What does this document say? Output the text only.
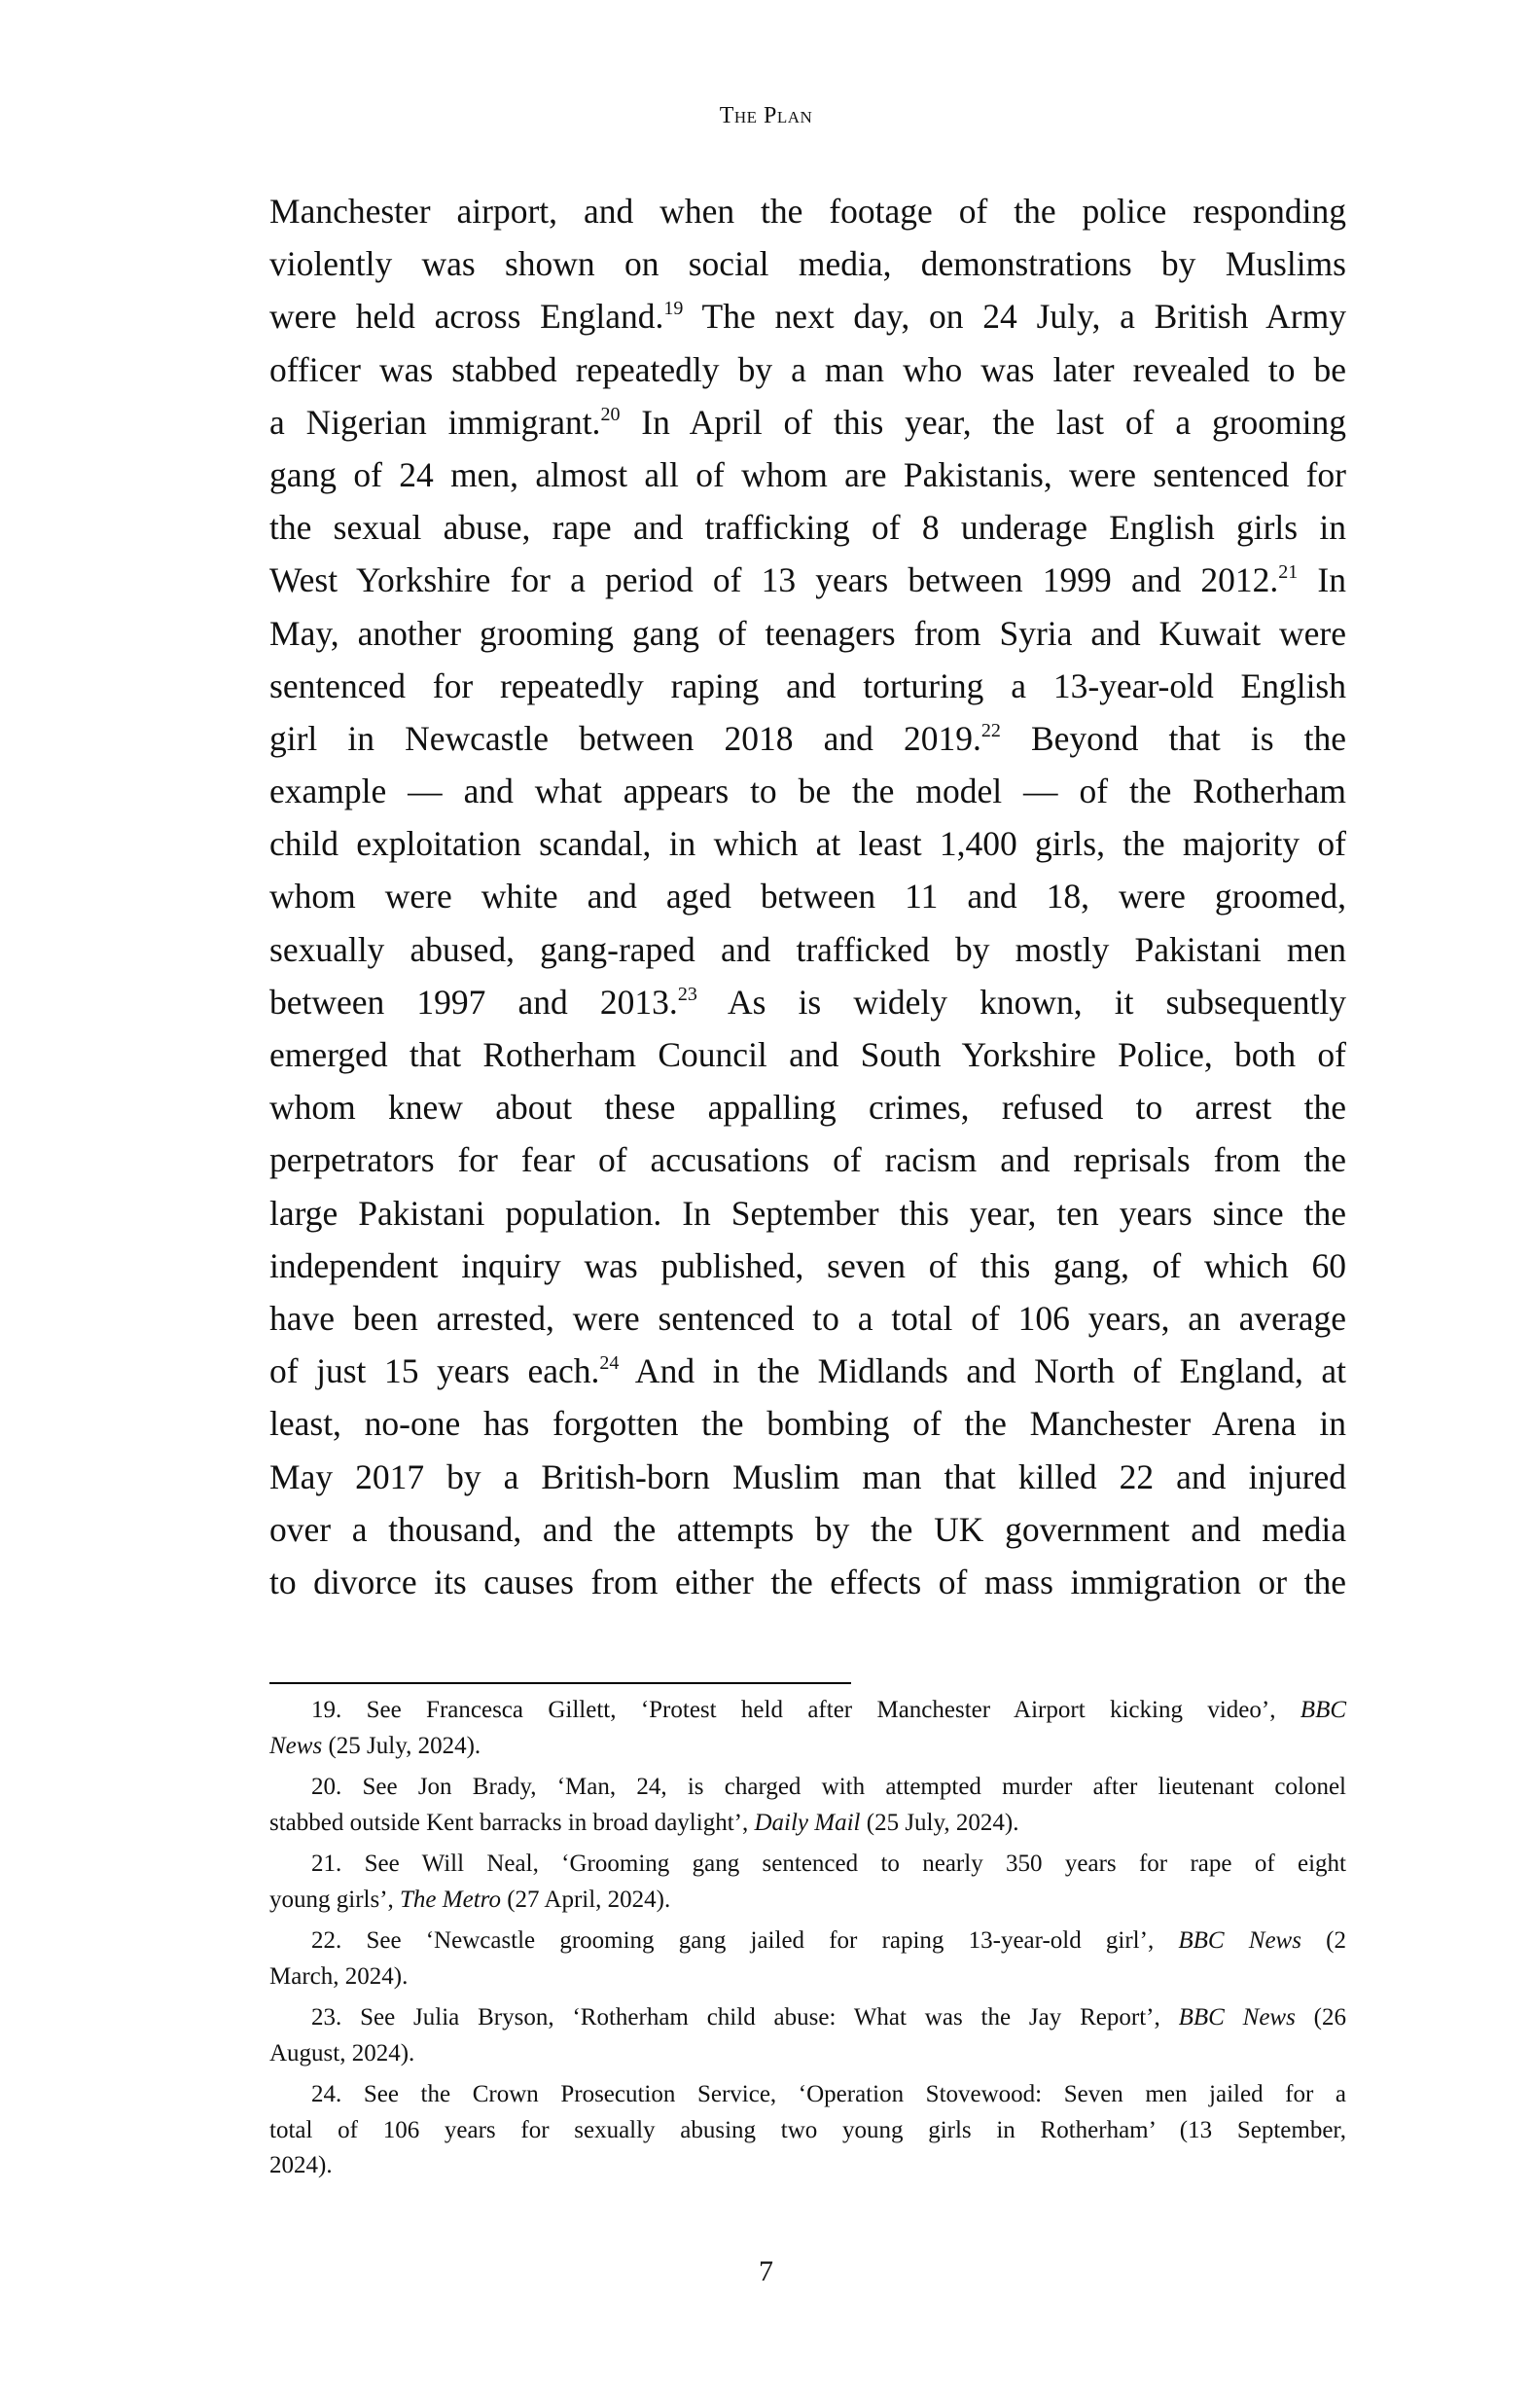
The Plan
Manchester airport, and when the footage of the police responding
violently was shown on social media, demonstrations by Muslims
were held across England.$^{19}$ The next day, on 24 July, a British Army
officer was stabbed repeatedly by a man who was later revealed to be
a Nigerian immigrant.$^{20}$ In April of this year, the last of a grooming
gang of 24 men, almost all of whom are Pakistanis, were sentenced for
the sexual abuse, rape and trafficking of 8 underage English girls in
West Yorkshire for a period of 13 years between 1999 and 2012.21 In
May, another grooming gang of teenagers from Syria and Kuwait were
sentenced for repeatedly raping and torturing a 13-year-old English
girl in Newcastle between 2018 and 2019.22 Beyond that is the
example — and what appears to be the model — of the Rotherham
child exploitation scandal, in which at least 1,400 girls, the majority of
whom were white and aged between 11 and 18, were groomed,
sexually abused, gang-raped and trafficked by mostly Pakistani men
between 1997 and 2013.23 As is widely known, it subsequently
emerged that Rotherham Council and South Yorkshire Police, both of
whom knew about these appalling crimes, refused to arrest the
perpetrators for fear of accusations of racism and reprisals from the
large Pakistani population. In September this year, ten years since the
independent inquiry was published, seven of this gang, of which 60
have been arrested, were sentenced to a total of 106 years, an average
of just 15 years each.$^{24}$ And in the Midlands and North of England, at
least, no-one has forgotten the bombing of the Manchester Arena in
May 2017 by a British-born Muslim man that killed 22 and injured
over a thousand, and the attempts by the UK government and media
to divorce its causes from either the effects of mass immigration or the
19. See Francesca Gillett, ‘Protest held after Manchester Airport kicking video’, BBC
News (25 July, 2024).
20. See Jon Brady, ‘Man, 24, is charged with attempted murder after lieutenant colonel
stabbed outside Kent barracks in broad daylight’, Daily Mail (25 July, 2024).
21. See Will Neal, ‘Grooming gang sentenced to nearly 350 years for rape of eight
young girls’, The Metro (27 April, 2024).
22. See ‘Newcastle grooming gang jailed for raping 13-year-old girl’, BBC News (2
March, 2024).
23. See Julia Bryson, ‘Rotherham child abuse: What was the Jay Report’, BBC News (26
August, 2024).
24. See the Crown Prosecution Service, ‘Operation Stovewood: Seven men jailed for a
total of 106 years for sexually abusing two young girls in Rotherham’ (13 September,
2024).
7
